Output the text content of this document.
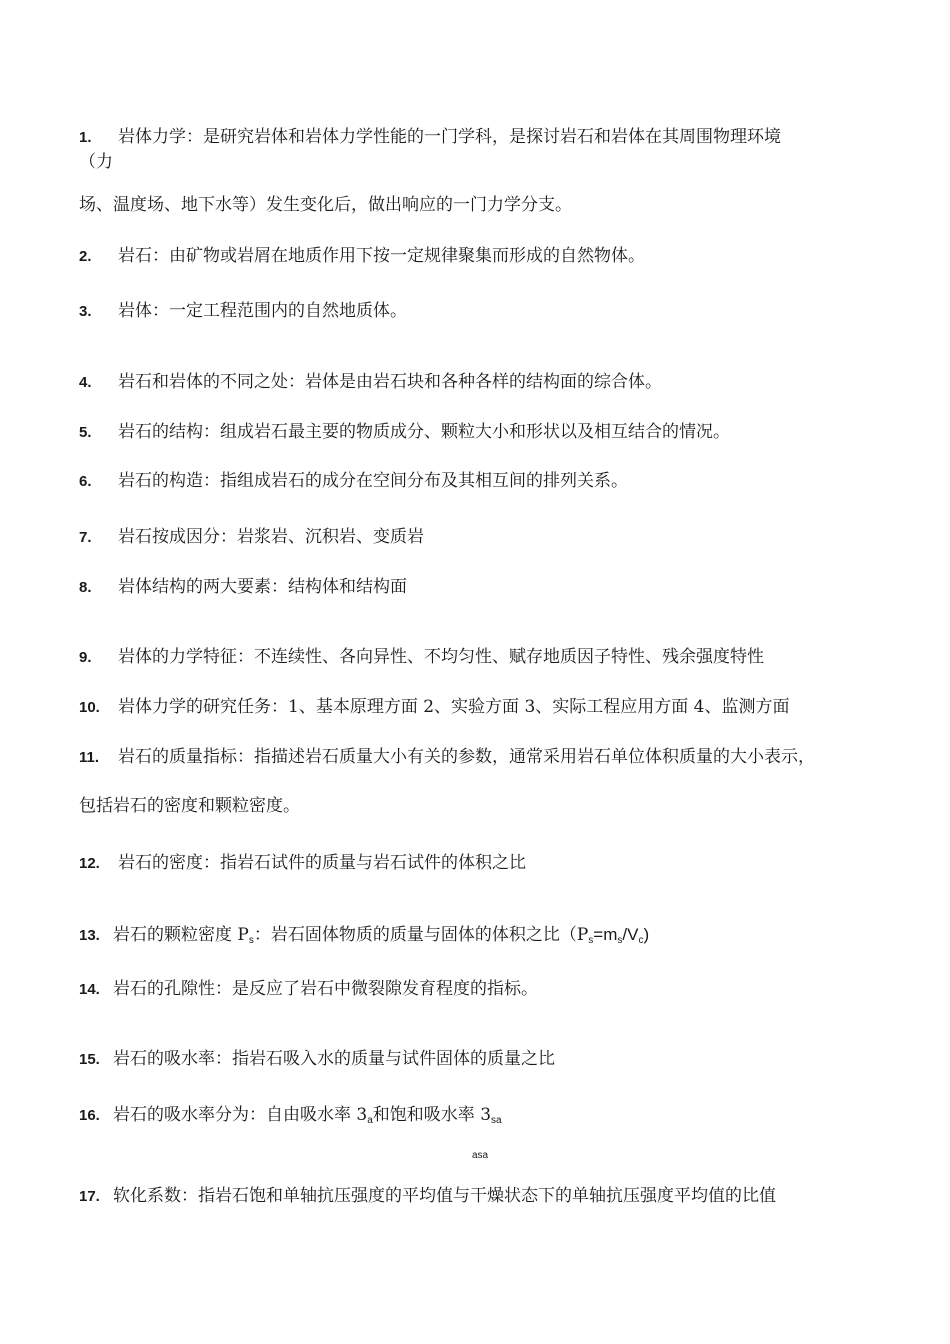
1. 岩体力学：是研究岩体和岩体力学性能的一门学科，是探讨岩石和岩体在其周围物理环境
（力
场、温度场、地下水等）发生变化后，做出响应的一门力学分支。
2. 岩石：由矿物或岩屑在地质作用下按一定规律聚集而形成的自然物体。
3. 岩体：一定工程范围内的自然地质体。
4. 岩石和岩体的不同之处：岩体是由岩石块和各种各样的结构面的综合体。
5. 岩石的结构：组成岩石最主要的物质成分、颗粒大小和形状以及相互结合的情况。
6. 岩石的构造：指组成岩石的成分在空间分布及其相互间的排列关系。
7. 岩石按成因分：岩浆岩、沉积岩、变质岩
8. 岩体结构的两大要素：结构体和结构面
9. 岩体的力学特征：不连续性、各向异性、不均匀性、赋存地质因子特性、残余强度特性
10. 岩体力学的研究任务：1、基本原理方面 2、实验方面 3、实际工程应用方面 4、监测方面
11. 岩石的质量指标：指描述岩石质量大小有关的参数，通常采用岩石单位体积质量的大小表示，
包括岩石的密度和颗粒密度。
12. 岩石的密度：指岩石试件的质量与岩石试件的体积之比
13. 岩石的颗粒密度 $P_s$：岩石固体物质的质量与固体的体积之比$(P_s=m_s/V_c)$
14. 岩石的孔隙性：是反应了岩石中微裂隙发育程度的指标。
15. 岩石的吸水率：指岩石吸入水的质量与试件固体的质量之比
16. 岩石的吸水率分为：自由吸水率 $3_a$和饱和吸水率 $3_{sa}$
asa
17. 软化系数：指岩石饱和单轴抗压强度的平均值与干燥状态下的单轴抗压强度平均值的比值
